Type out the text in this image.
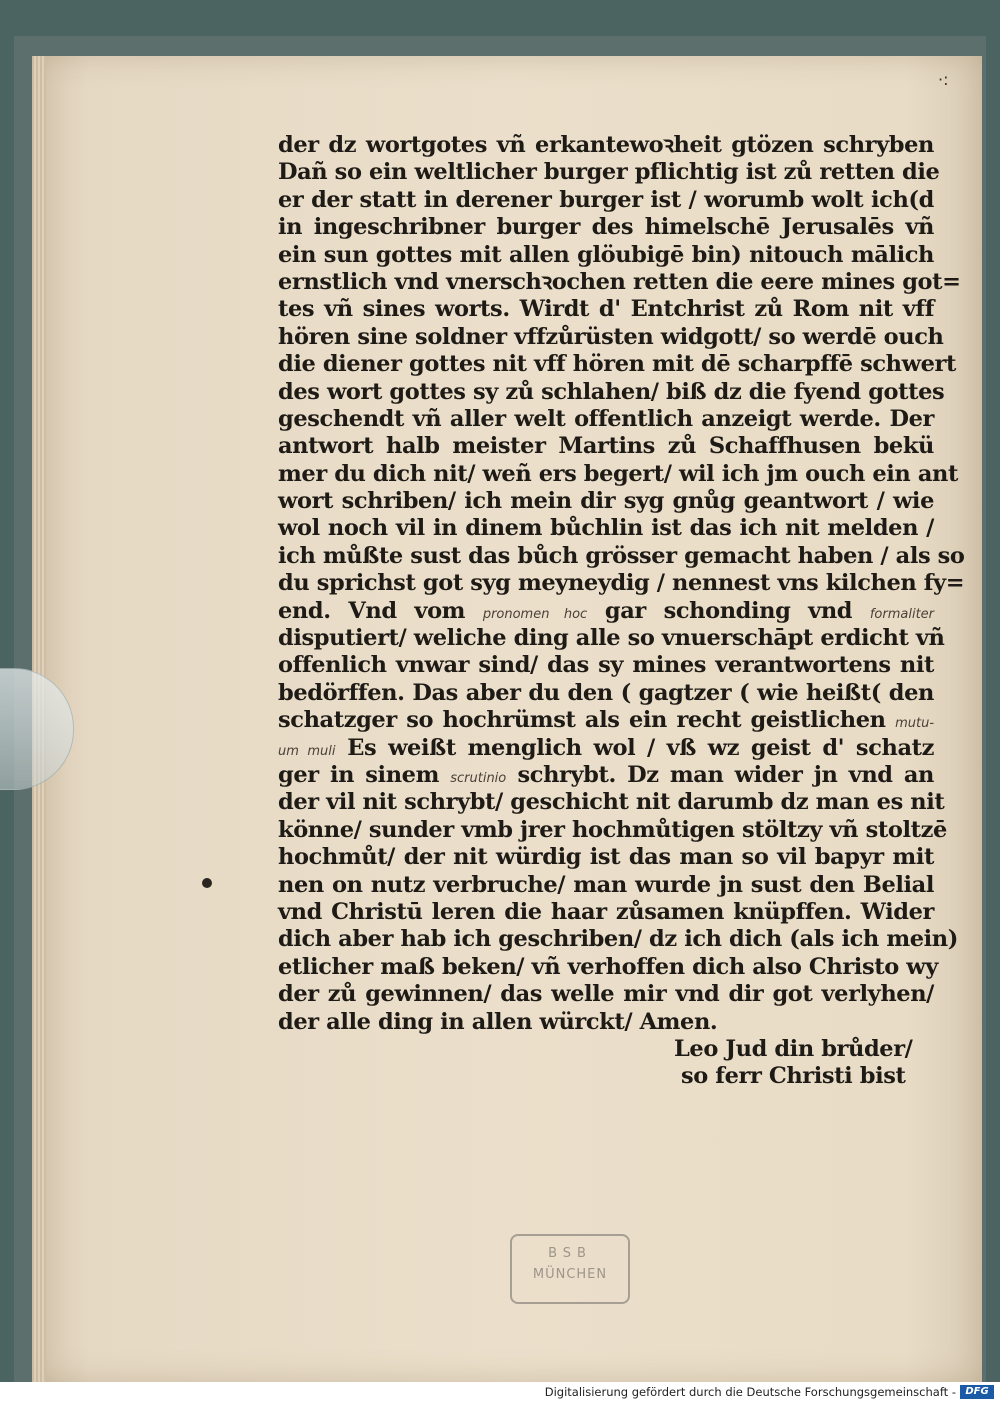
·:
der dz wortgotes vñ erkantewoꝛheit gtözen schryben
Dañ so ein weltlicher burger pflichtig ist zů retten die
er der statt in derener burger ist / worumb wolt ich(d
in ingeschribner burger des himelschē Jerusalēs vñ
ein sun gottes mit allen glöubigē bin) nitouch mālich
ernstlich vnd vnerschꝛochen retten die eere mines got=
tes vñ sines worts. Wirdt d' Entchrist zů Rom nit vff
hören sine soldner vffzůrüsten widgott/ so werdē ouch
die diener gottes nit vff hören mit dē scharpffē schwert
des wort gottes sy zů schlahen/ biß dz die fyend gottes
geschendt vñ aller welt offentlich anzeigt werde. Der
antwort halb meister Martins zů Schaffhusen bekü
mer du dich nit/ weñ ers begert/ wil ich jm ouch ein ant
wort schriben/ ich mein dir syg gnůg geantwort / wie
wol noch vil in dinem bůchlin ist das ich nit melden /
ich můßte sust das bůch grösser gemacht haben / als so
du sprichst got syg meyneydig / nennest vns kilchen fy=
end. Vnd vom pronomen hoc gar schonding vnd formaliter
disputiert/ weliche ding alle so vnuerschāpt erdicht vñ
offenlich vnwar sind/ das sy mines verantwortens nit
bedörffen. Das aber du den ( gagtzer ( wie heißt( den
schatzger so hochrümst als ein recht geistlichen mutu-
um muli Es weißt menglich wol / vß wz geist d' schatz
ger in sinem scrutinio schrybt. Dz man wider jn vnd an
der vil nit schrybt/ geschicht nit darumb dz man es nit
könne/ sunder vmb jrer hochmůtigen stöltzy vñ stoltzē
hochmůt/ der nit würdig ist das man so vil bapyr mit
nen on nutz verbruche/ man wurde jn sust den Belial
vnd Christū leren die haar zůsamen knüpffen. Wider
dich aber hab ich geschriben/ dz ich dich (als ich mein)
etlicher maß beken/ vñ verhoffen dich also Christo wy
der zů gewinnen/ das welle mir vnd dir got verlyhen/
der alle ding in allen würckt/ Amen.
Leo Jud din brůder/
so ferr Christi bist
BSB
MÜNCHEN
Digitalisierung gefördert durch die Deutsche Forschungsgemeinschaft - DFG
